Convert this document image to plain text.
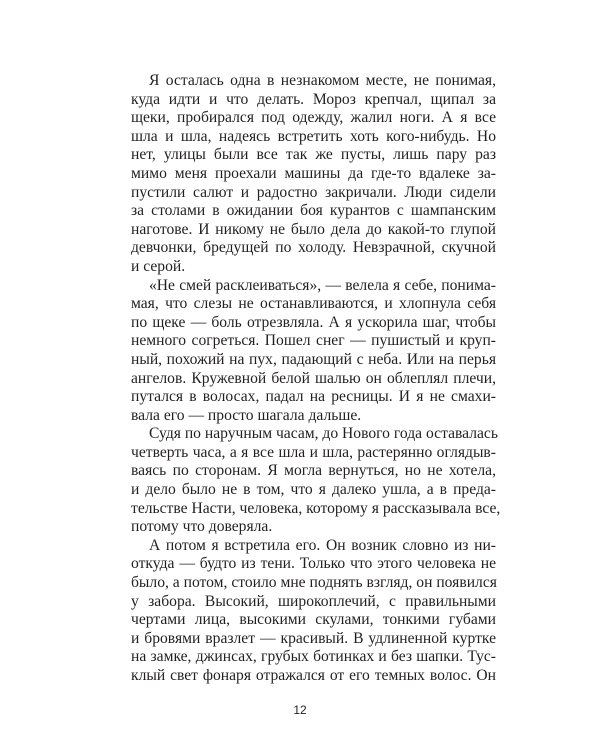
Я осталась одна в незнакомом месте, не понимая,
куда идти и что делать. Мороз крепчал, щипал за
щеки, пробирался под одежду, жалил ноги. А я все
шла и шла, надеясь встретить хоть кого-нибудь. Но
нет, улицы были все так же пусты, лишь пару раз
мимо меня проехали машины да где-то вдалеке за-
пустили салют и радостно закричали. Люди сидели
за столами в ожидании боя курантов с шампанским
наготове. И никому не было дела до какой-то глупой
девчонки, бредущей по холоду. Невзрачной, скучной
и серой.
«Не смей расклеиваться», — велела я себе, понима-
мая, что слезы не останавливаются, и хлопнула себя
по щеке — боль отрезвляла. А я ускорила шаг, чтобы
немного согреться. Пошел снег — пушистый и круп-
ный, похожий на пух, падающий с неба. Или на перья
ангелов. Кружевной белой шалью он облеплял плечи,
путался в волосах, падал на ресницы. И я не смахи-
вала его — просто шагала дальше.
Судя по наручным часам, до Нового года оставалась
четверть часа, а я все шла и шла, растерянно оглядыв-
ваясь по сторонам. Я могла вернуться, но не хотела,
и дело было не в том, что я далеко ушла, а в преда-
тельстве Насти, человека, которому я рассказывала все,
потому что доверяла.
А потом я встретила его. Он возник словно из ни-
откуда — будто из тени. Только что этого человека не
было, а потом, стоило мне поднять взгляд, он появился
у забора. Высокий, широкоплечий, с правильными
чертами лица, высокими скулами, тонкими губами
и бровями вразлет — красивый. В удлиненной куртке
на замке, джинсах, грубых ботинках и без шапки. Тус-
клый свет фонаря отражался от его темных волос. Он
12
